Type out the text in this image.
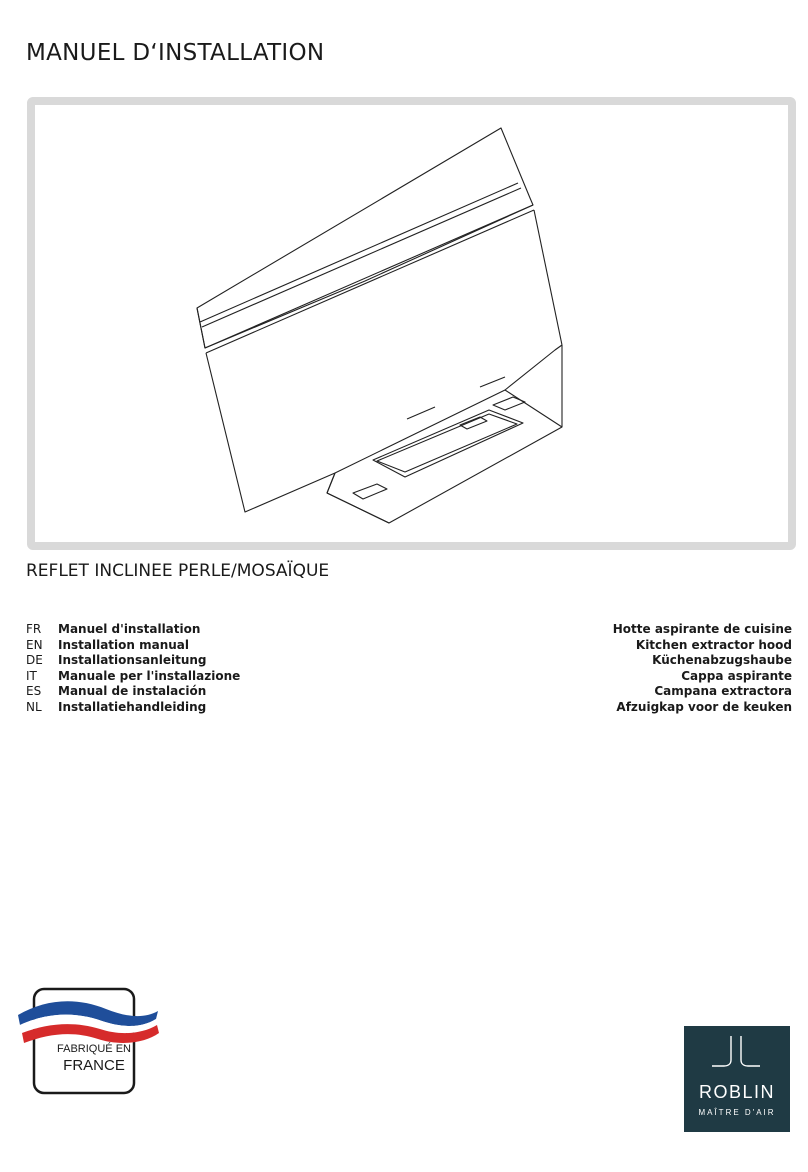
MANUEL D‘INSTALLATION
REFLET INCLINEE PERLE/MOSAÏQUE
FR Manuel d'installation	Hotte aspirante de cuisine
EN Installation manual	Kitchen extractor hood
DE Installationsanleitung	Küchenabzugshaube
IT Manuale per l'installazione	Cappa aspirante
ES Manual de instalación	Campana extractora
NL Installatiehandleiding	Afzuigkap voor de keuken
FABRIQUÉ EN
FRANCE
ROBLIN
MAÎTRE D'AIR
